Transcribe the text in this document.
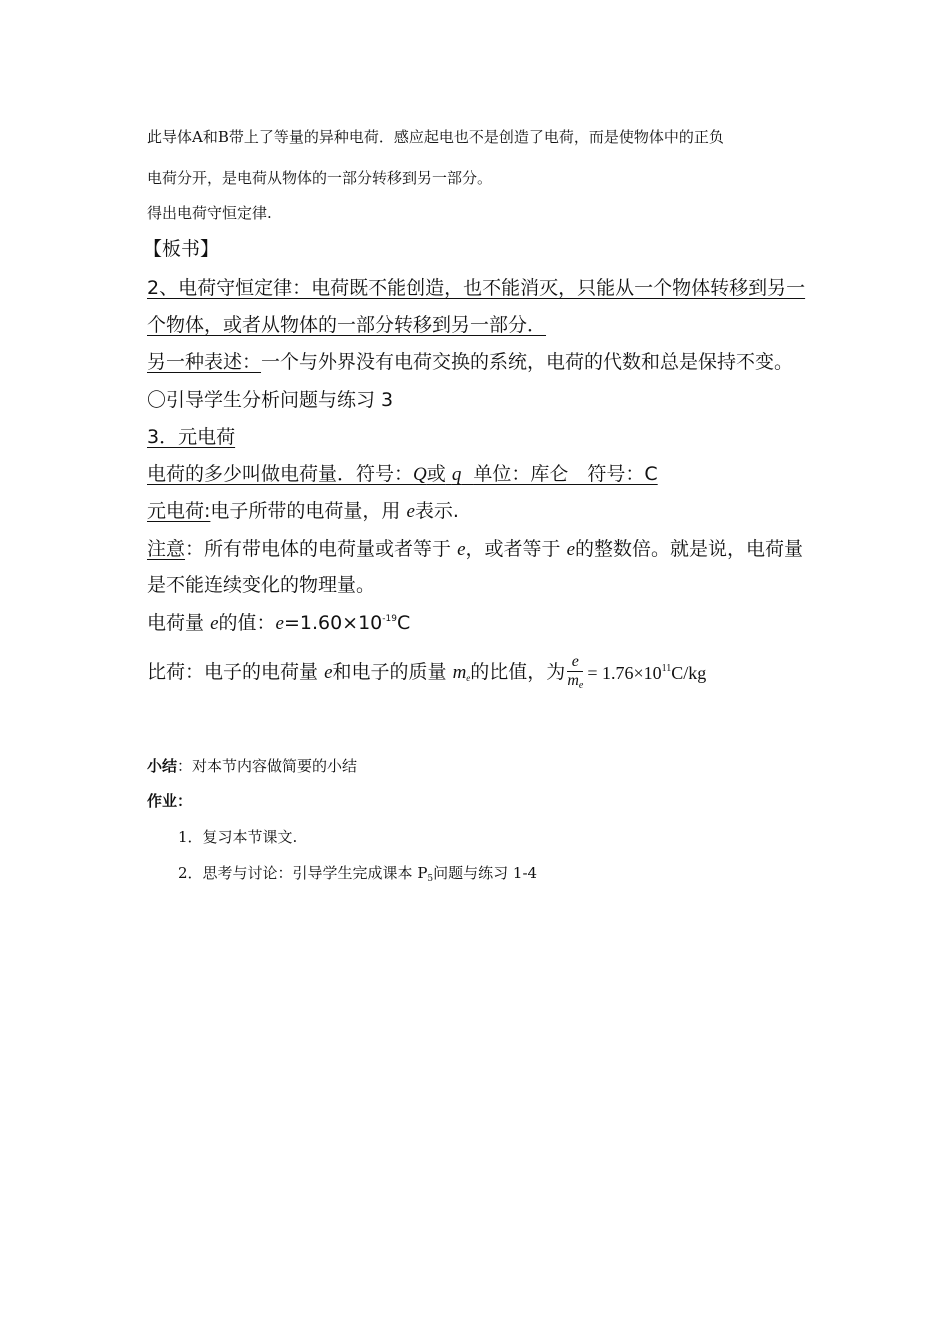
此导体A和B带上了等量的异种电荷．感应起电也不是创造了电荷，而是使物体中的正负
电荷分开，是电荷从物体的一部分转移到另一部分。
得出电荷守恒定律.
【板书】
2、电荷守恒定律：电荷既不能创造，也不能消灭，只能从一个物体转移到另一
个物体，或者从物体的一部分转移到另一部分．
另一种表述：一个与外界没有电荷交换的系统，电荷的代数和总是保持不变。
〇引导学生分析问题与练习 3
3．元电荷
电荷的多少叫做电荷量．符号：Q或 q 单位：库仑　符号：C
元电荷:电子所带的电荷量，用 e表示.
注意：所有带电体的电荷量或者等于 e，或者等于 e的整数倍。就是说，电荷量
是不能连续变化的物理量。
电荷量 e的值：$e=1.60\times 10^{-19}C$
比荷：电子的电荷量 e和电子的质量 $m_e$的比值，为 $\frac{e}{m_e} = 1.76\times 10^{11}C/kg$
小结：对本节内容做简要的小结
作业：
1．复习本节课文.
2．思考与讨论：引导学生完成课本 $P_5$问题与练习 1-4
